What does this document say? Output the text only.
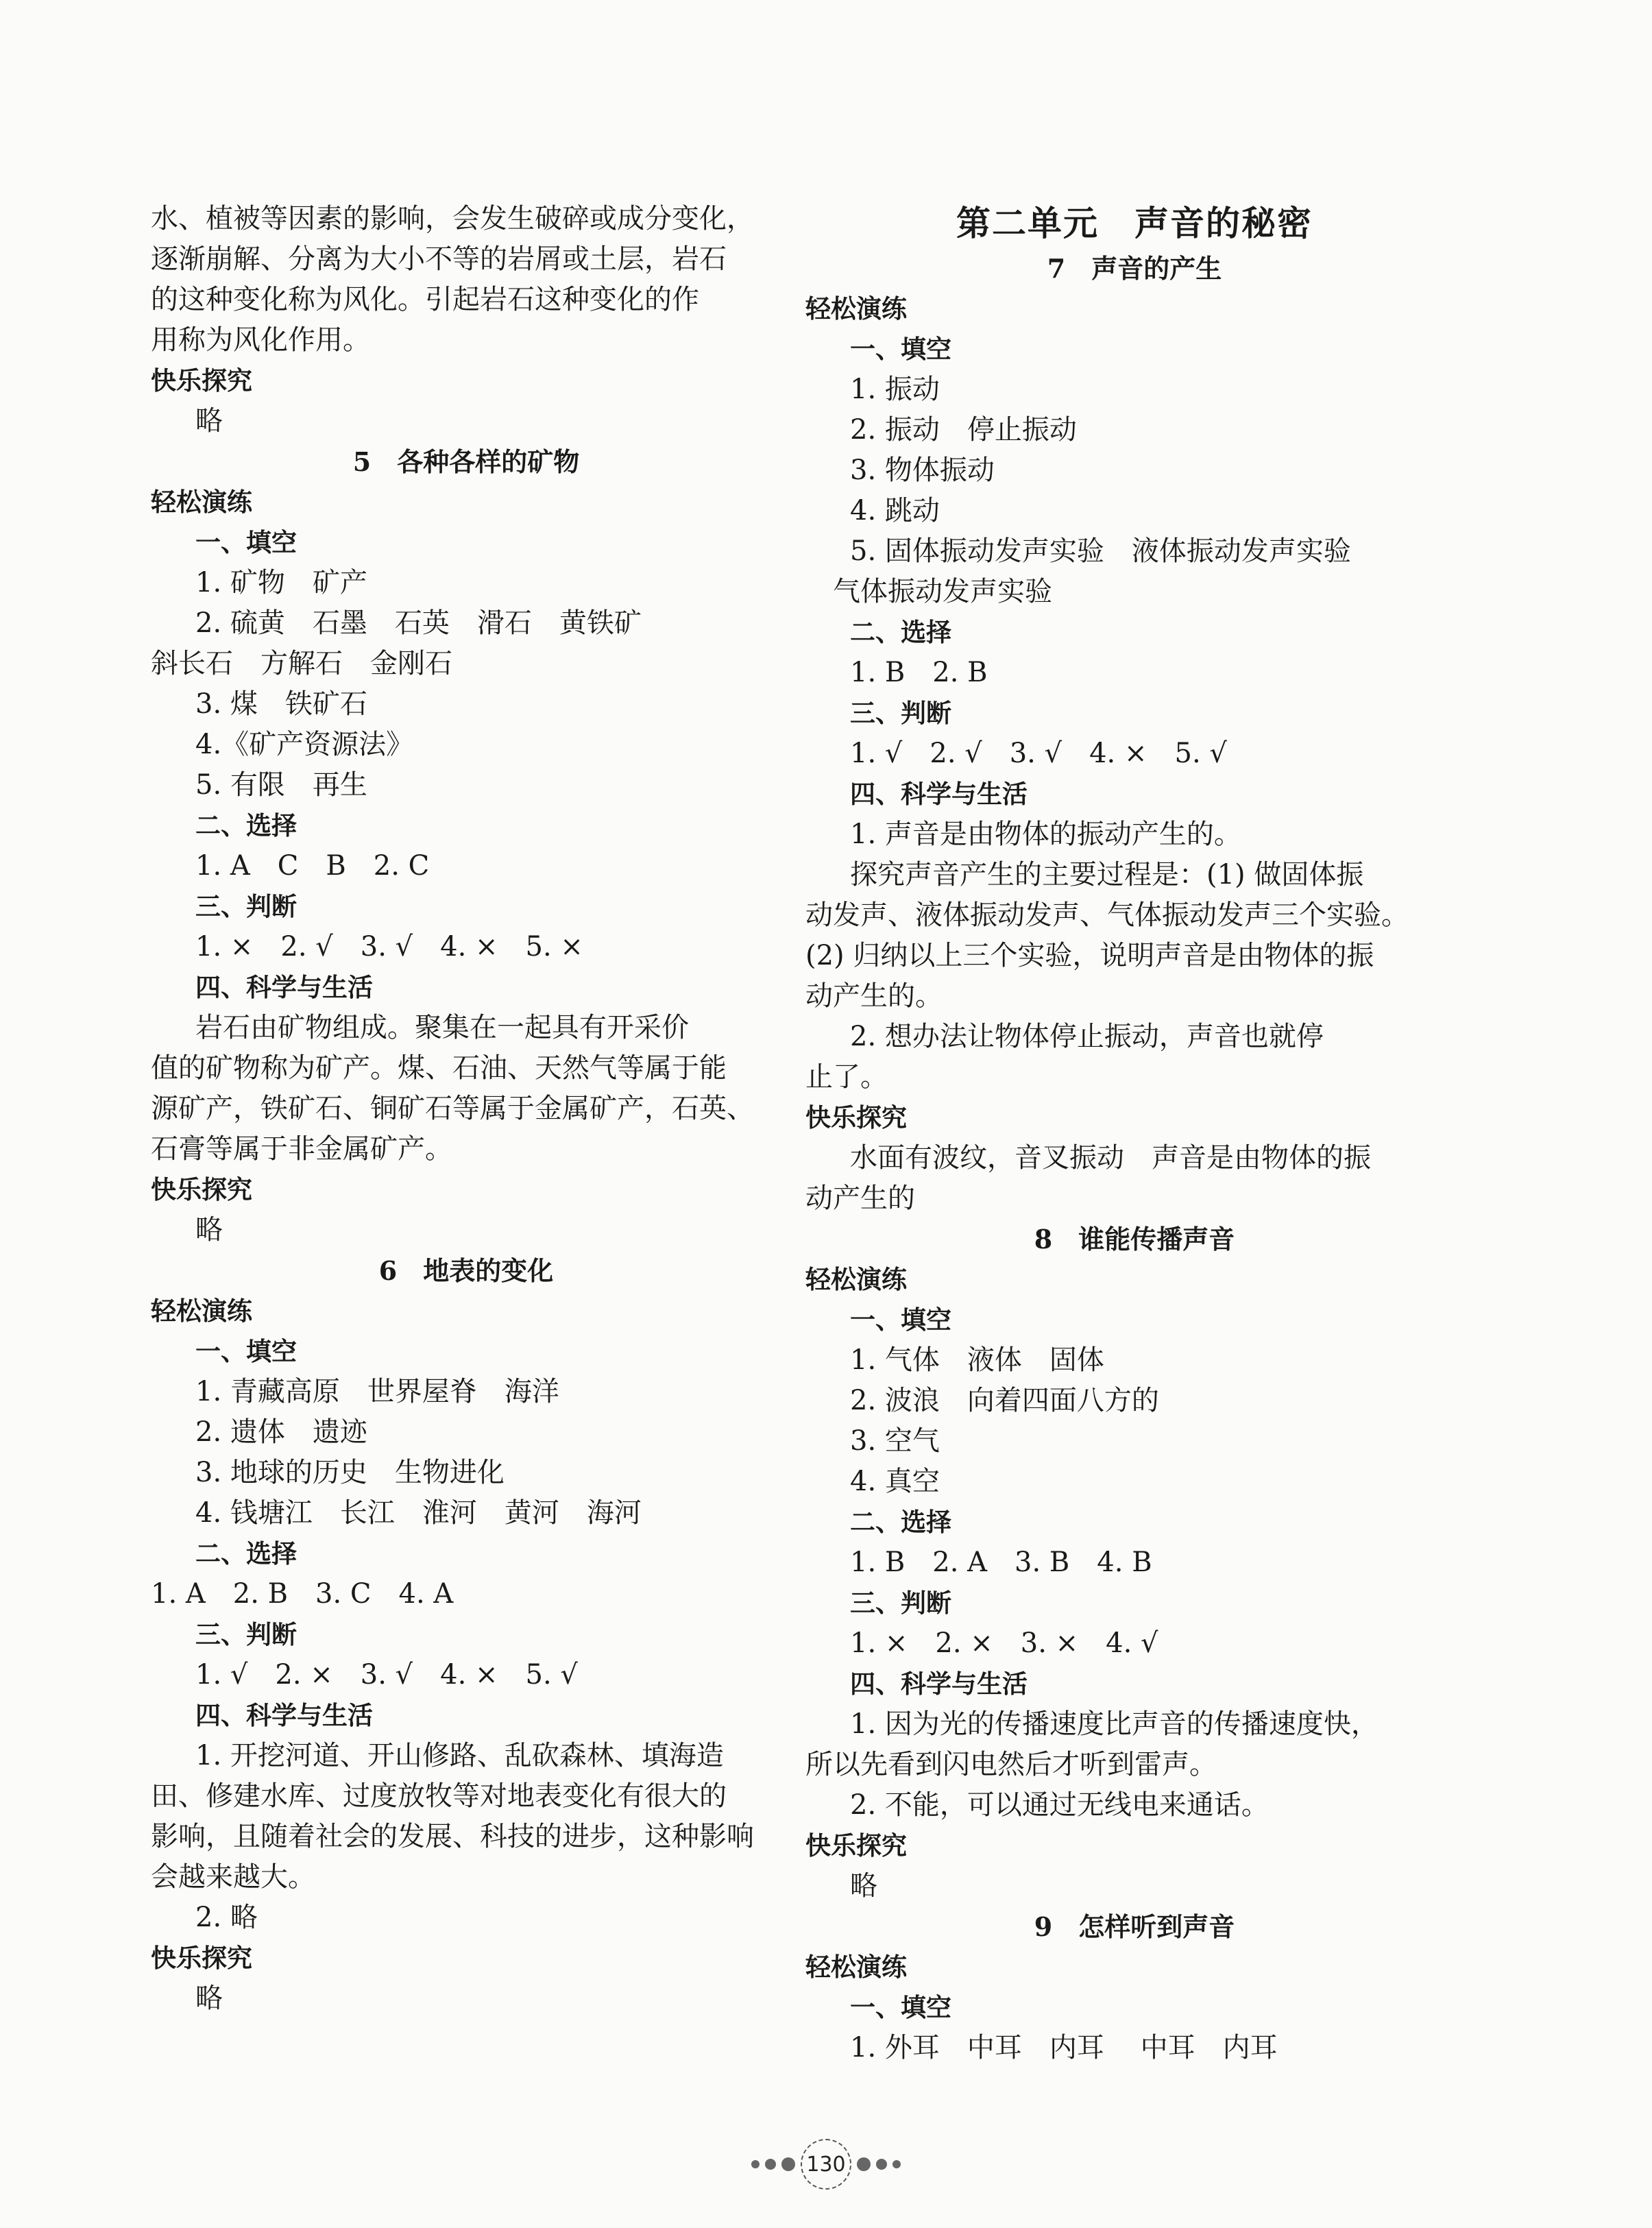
水、植被等因素的影响，会发生破碎或成分变化，
逐渐崩解、分离为大小不等的岩屑或土层，岩石
的这种变化称为风化。引起岩石这种变化的作
用称为风化作用。
快乐探究
略
5　各种各样的矿物
轻松演练
一、填空
1. 矿物　矿产
2. 硫黄　石墨　石英　滑石　黄铁矿
斜长石　方解石　金刚石
3. 煤　铁矿石
4.《矿产资源法》
5. 有限　再生
二、选择
1. A　C　B　2. C
三、判断
1. ×　2. √　3. √　4. ×　5. ×
四、科学与生活
岩石由矿物组成。聚集在一起具有开采价
值的矿物称为矿产。煤、石油、天然气等属于能
源矿产，铁矿石、铜矿石等属于金属矿产，石英、
石膏等属于非金属矿产。
快乐探究
略
6　地表的变化
轻松演练
一、填空
1. 青藏高原　世界屋脊　海洋
2. 遗体　遗迹
3. 地球的历史　生物进化
4. 钱塘江　长江　淮河　黄河　海河
二、选择
1. A　2. B　3. C　4. A
三、判断
1. √　2. ×　3. √　4. ×　5. √
四、科学与生活
1. 开挖河道、开山修路、乱砍森林、填海造
田、修建水库、过度放牧等对地表变化有很大的
影响，且随着社会的发展、科技的进步，这种影响
会越来越大。
2. 略
快乐探究
略
第二单元　声音的秘密
7　声音的产生
轻松演练
一、填空
1. 振动
2. 振动　停止振动
3. 物体振动
4. 跳动
5. 固体振动发声实验　液体振动发声实验
气体振动发声实验
二、选择
1. B　2. B
三、判断
1. √　2. √　3. √　4. ×　5. √
四、科学与生活
1. 声音是由物体的振动产生的。
探究声音产生的主要过程是：(1) 做固体振
动发声、液体振动发声、气体振动发声三个实验。
(2) 归纳以上三个实验，说明声音是由物体的振
动产生的。
2. 想办法让物体停止振动，声音也就停
止了。
快乐探究
水面有波纹，音叉振动　声音是由物体的振
动产生的
8　谁能传播声音
轻松演练
一、填空
1. 气体　液体　固体
2. 波浪　向着四面八方的
3. 空气
4. 真空
二、选择
1. B　2. A　3. B　4. B
三、判断
1. ×　2. ×　3. ×　4. √
四、科学与生活
1. 因为光的传播速度比声音的传播速度快，
所以先看到闪电然后才听到雷声。
2. 不能，可以通过无线电来通话。
快乐探究
略
9　怎样听到声音
轻松演练
一、填空
1. 外耳　中耳　内耳　 中耳　内耳
130
